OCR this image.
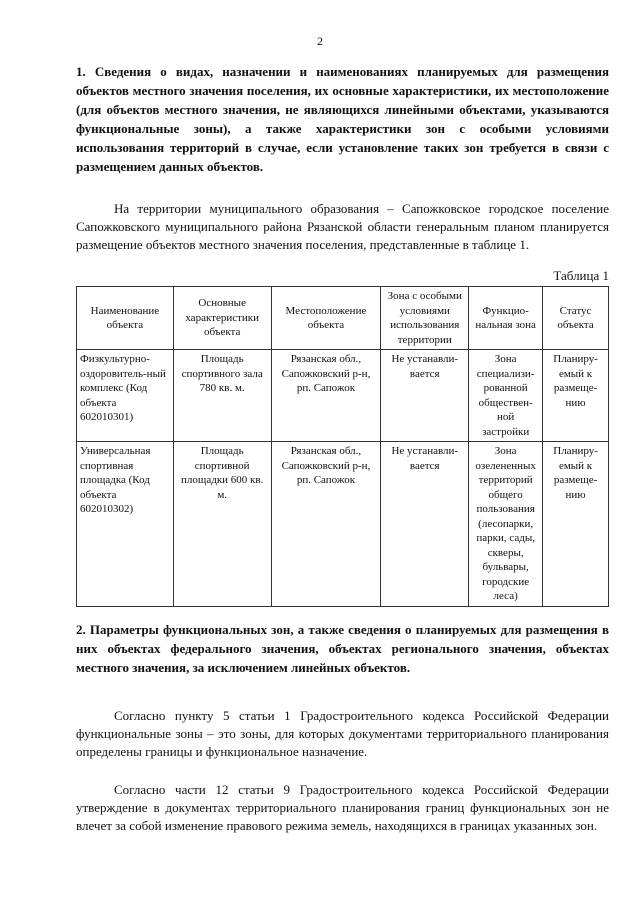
2
1. Сведения о видах, назначении и наименованиях планируемых для размещения объектов местного значения поселения, их основные характеристики, их местоположение (для объектов местного значения, не являющихся линейными объектами, указываются функциональные зоны), а также характеристики зон с особыми условиями использования территорий в случае, если установление таких зон требуется в связи с размещением данных объектов.
На территории муниципального образования – Сапожковское городское поселение Сапожковского муниципального района Рязанской области генеральным планом планируется размещение объектов местного значения поселения, представленные в таблице 1.
Таблица 1
Наименование объекта	Основные характеристики объекта	Местоположение объекта	Зона с особыми условиями использования территории	Функцио-нальная зона	Статус объекта
Физкультурно-оздоровитель-ный комплекс (Код объекта 602010301)	Площадь спортивного зала 780 кв. м.	Рязанская обл., Сапожковский р-н, рп. Сапожок	Не устанавли-вается	Зона специализи-рованной обществен-ной застройки	Планиру-емый к размеще-нию
Универсальная спортивная площадка (Код объекта 602010302)	Площадь спортивной площадки 600 кв. м.	Рязанская обл., Сапожковский р-н, рп. Сапожок	Не устанавли-вается	Зона озелененных территорий общего пользования (лесопарки, парки, сады, скверы, бульвары, городские леса)	Планиру-емый к размеще-нию
2. Параметры функциональных зон, а также сведения о планируемых для размещения в них объектах федерального значения, объектах регионального значения, объектах местного значения, за исключением линейных объектов.
Согласно пункту 5 статьи 1 Градостроительного кодекса Российской Федерации функциональные зоны – это зоны, для которых документами территориального планирования определены границы и функциональное назначение.
Согласно части 12 статьи 9 Градостроительного кодекса Российской Федерации утверждение в документах территориального планирования границ функциональных зон не влечет за собой изменение правового режима земель, находящихся в границах указанных зон.
